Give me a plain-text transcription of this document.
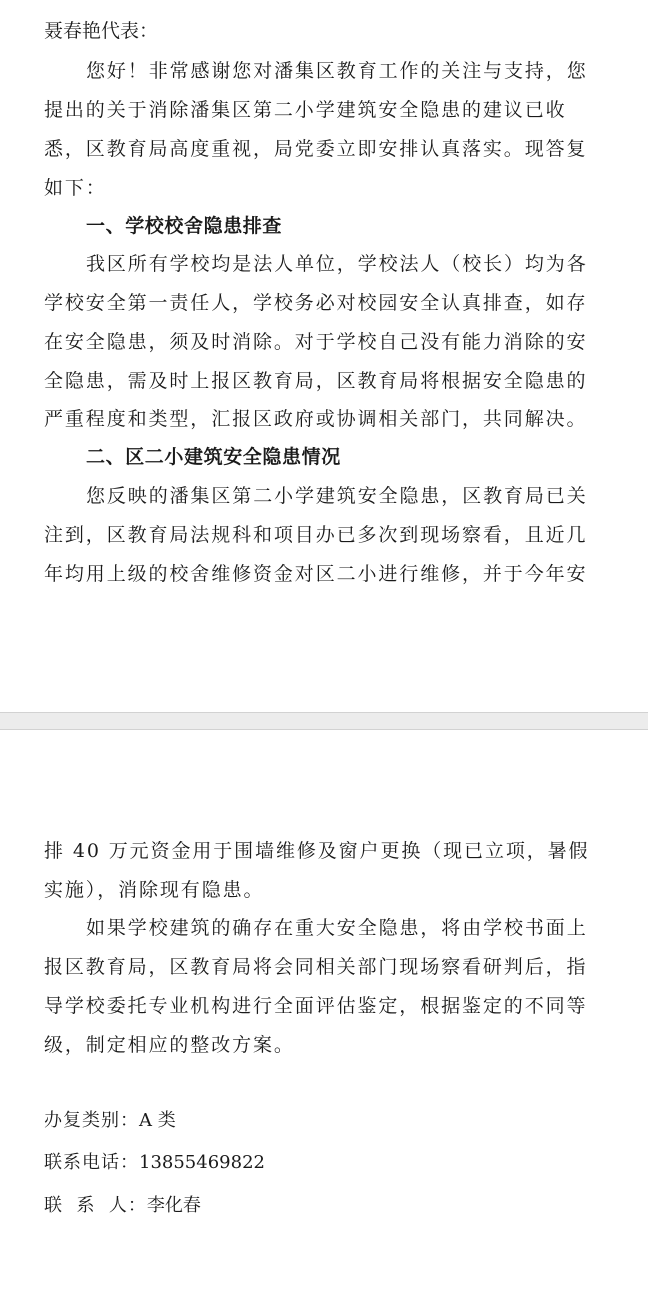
聂春艳代表：
您好！非常感谢您对潘集区教育工作的关注与支持，您
提出的关于消除潘集区第二小学建筑安全隐患的建议已收
悉，区教育局高度重视，局党委立即安排认真落实。现答复
如下：
一、学校校舍隐患排查
我区所有学校均是法人单位，学校法人（校长）均为各
学校安全第一责任人，学校务必对校园安全认真排查，如存
在安全隐患，须及时消除。对于学校自己没有能力消除的安
全隐患，需及时上报区教育局，区教育局将根据安全隐患的
严重程度和类型，汇报区政府或协调相关部门，共同解决。
二、区二小建筑安全隐患情况
您反映的潘集区第二小学建筑安全隐患，区教育局已关
注到，区教育局法规科和项目办已多次到现场察看，且近几
年均用上级的校舍维修资金对区二小进行维修，并于今年安
排 40 万元资金用于围墙维修及窗户更换（现已立项，暑假
实施），消除现有隐患。
如果学校建筑的确存在重大安全隐患，将由学校书面上
报区教育局，区教育局将会同相关部门现场察看研判后，指
导学校委托专业机构进行全面评估鉴定，根据鉴定的不同等
级，制定相应的整改方案。
办复类别：A 类
联系电话：13855469822
联  系  人：李化春
